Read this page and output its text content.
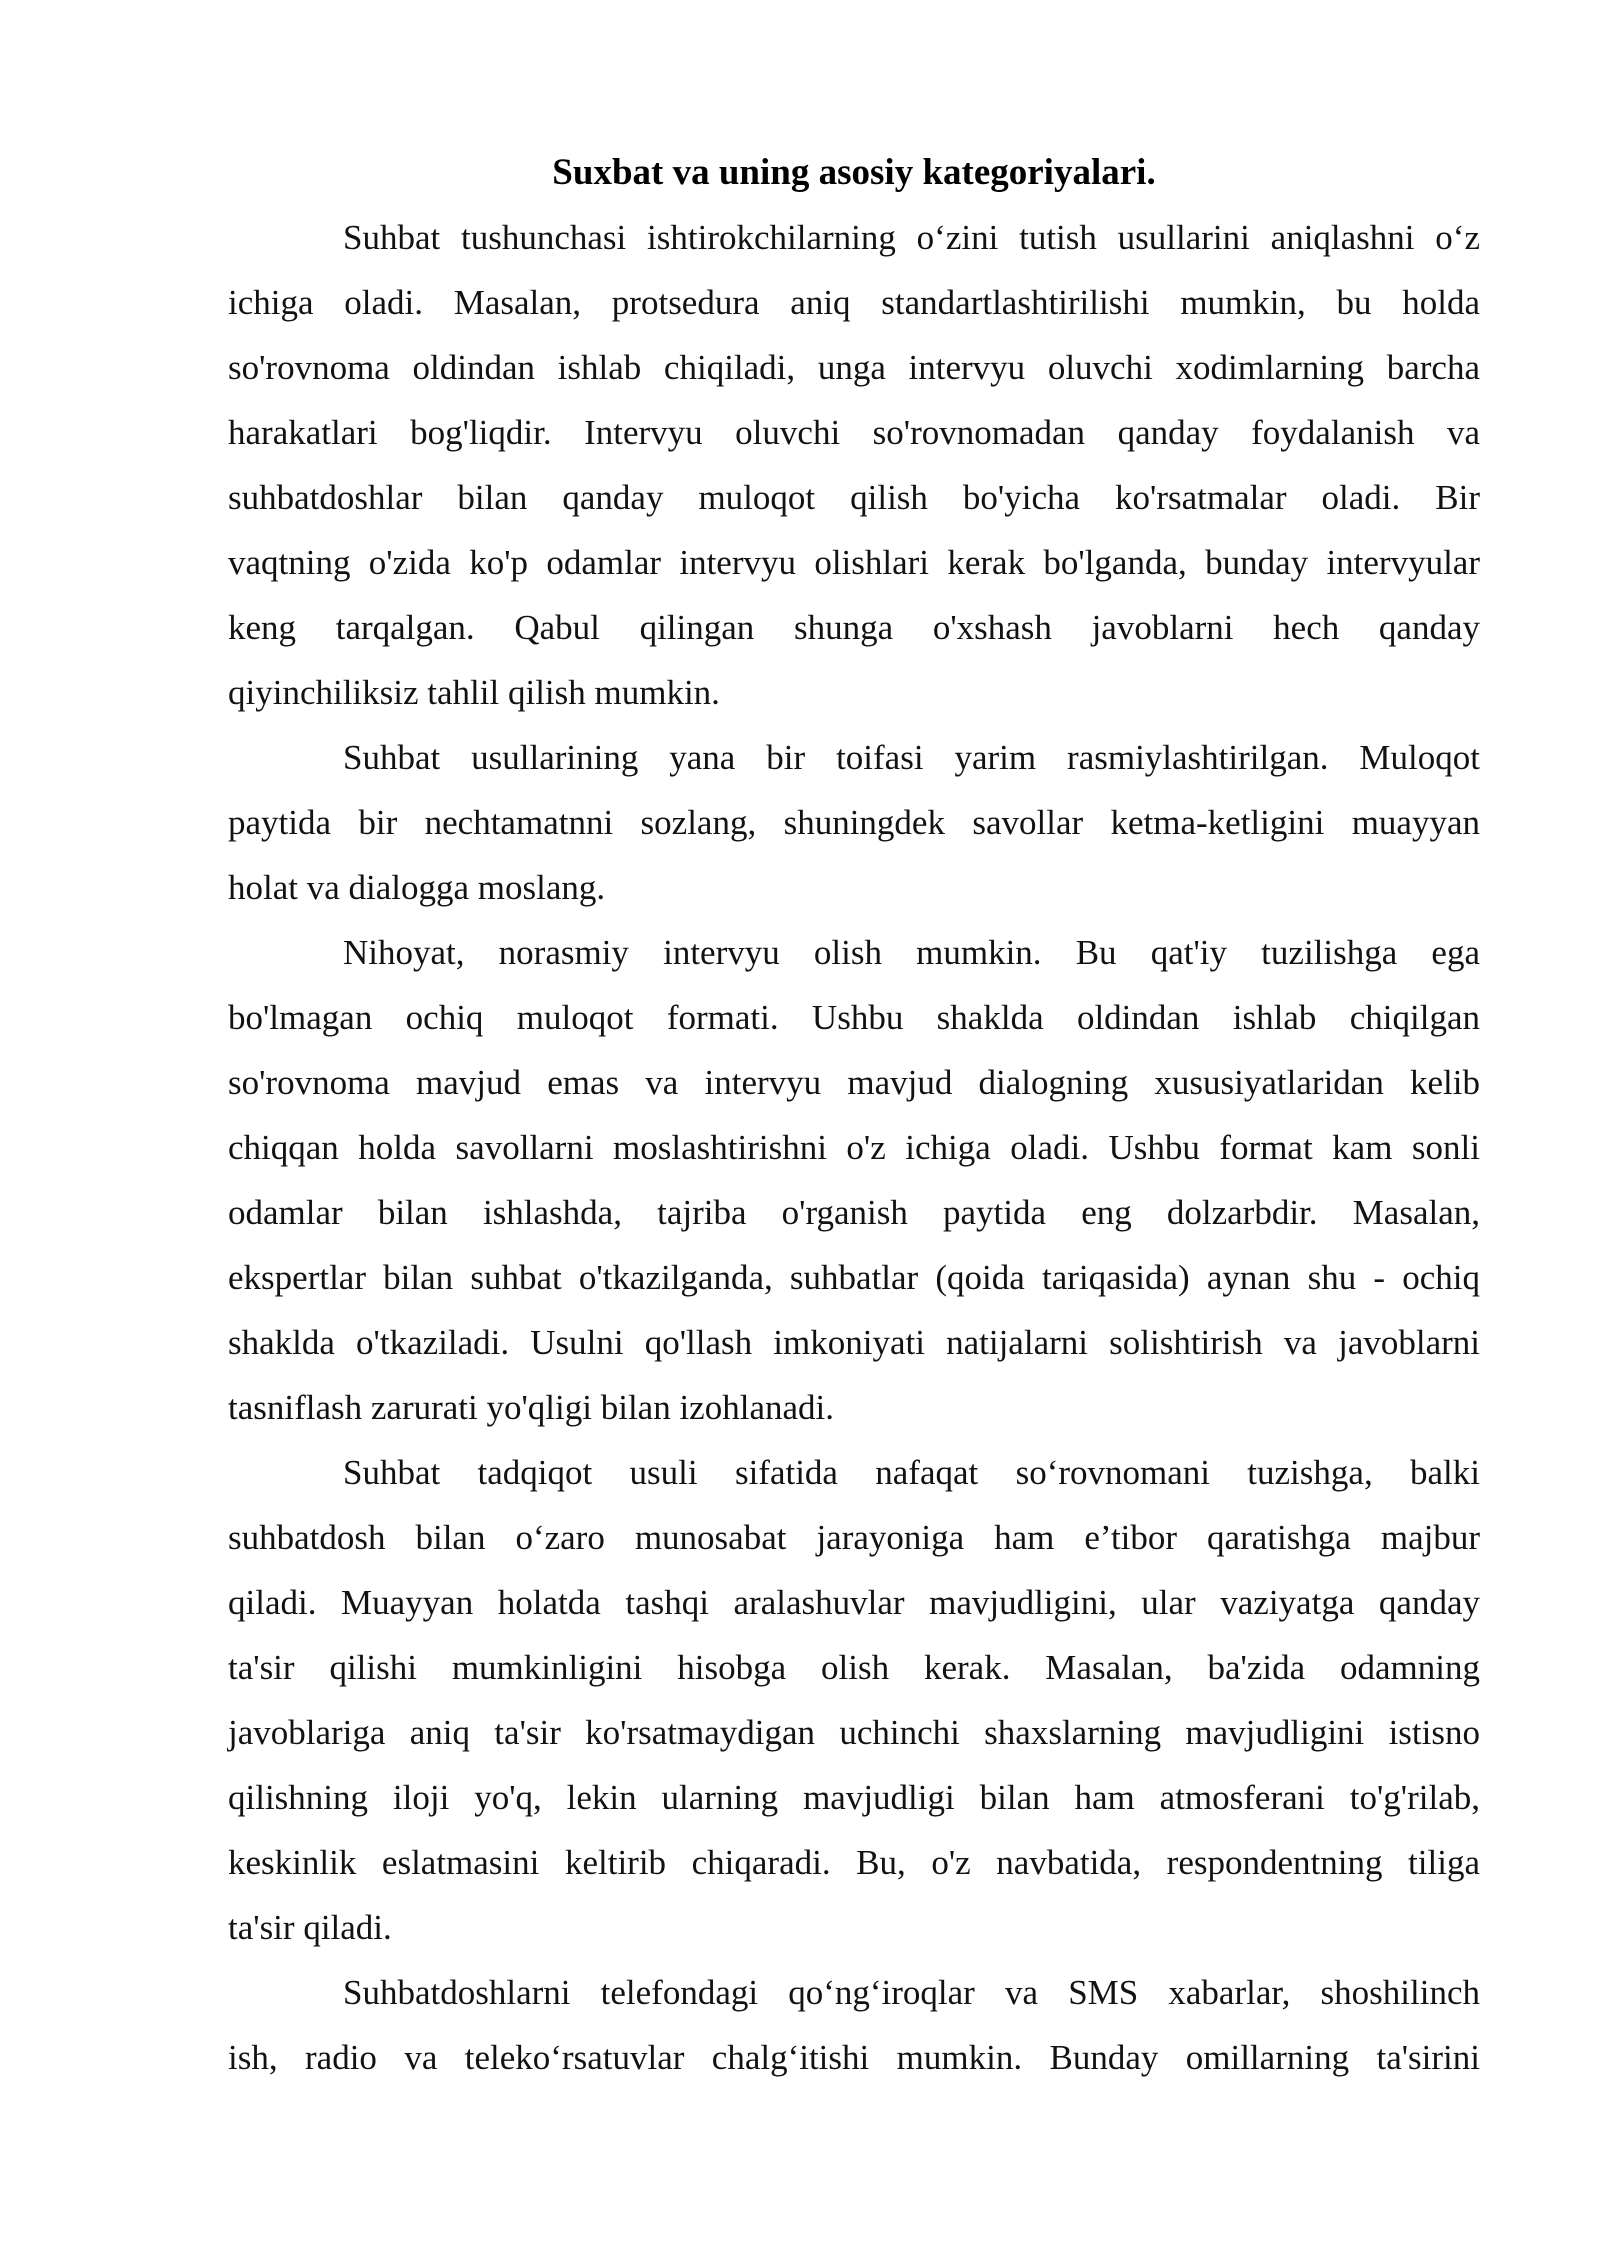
Suxbat va uning asosiy kategoriyalari.
Suhbat tushunchasi ishtirokchilarning oʻzini tutish usullarini aniqlashni oʻz
ichiga oladi. Masalan, protsedura aniq standartlashtirilishi mumkin, bu holda
so'rovnoma oldindan ishlab chiqiladi, unga intervyu oluvchi xodimlarning barcha
harakatlari bog'liqdir. Intervyu oluvchi so'rovnomadan qanday foydalanish va
suhbatdoshlar bilan qanday muloqot qilish bo'yicha ko'rsatmalar oladi. Bir
vaqtning o'zida ko'p odamlar intervyu olishlari kerak bo'lganda, bunday intervyular
keng tarqalgan. Qabul qilingan shunga o'xshash javoblarni hech qanday
qiyinchiliksiz tahlil qilish mumkin.
Suhbat usullarining yana bir toifasi yarim rasmiylashtirilgan. Muloqot
paytida bir nechtamatnni sozlang, shuningdek savollar ketma-ketligini muayyan
holat va dialogga moslang.
Nihoyat, norasmiy intervyu olish mumkin. Bu qat'iy tuzilishga ega
bo'lmagan ochiq muloqot formati. Ushbu shaklda oldindan ishlab chiqilgan
so'rovnoma mavjud emas va intervyu mavjud dialogning xususiyatlaridan kelib
chiqqan holda savollarni moslashtirishni o'z ichiga oladi. Ushbu format kam sonli
odamlar bilan ishlashda, tajriba o'rganish paytida eng dolzarbdir. Masalan,
ekspertlar bilan suhbat o'tkazilganda, suhbatlar (qoida tariqasida) aynan shu - ochiq
shaklda o'tkaziladi. Usulni qo'llash imkoniyati natijalarni solishtirish va javoblarni
tasniflash zarurati yo'qligi bilan izohlanadi.
Suhbat tadqiqot usuli sifatida nafaqat soʻrovnomani tuzishga, balki
suhbatdosh bilan oʻzaro munosabat jarayoniga ham e’tibor qaratishga majbur
qiladi. Muayyan holatda tashqi aralashuvlar mavjudligini, ular vaziyatga qanday
ta'sir qilishi mumkinligini hisobga olish kerak. Masalan, ba'zida odamning
javoblariga aniq ta'sir ko'rsatmaydigan uchinchi shaxslarning mavjudligini istisno
qilishning iloji yo'q, lekin ularning mavjudligi bilan ham atmosferani to'g'rilab,
keskinlik eslatmasini keltirib chiqaradi. Bu, o'z navbatida, respondentning tiliga
ta'sir qiladi.
Suhbatdoshlarni telefondagi qoʻngʻiroqlar va SMS xabarlar, shoshilinch
ish, radio va telekoʻrsatuvlar chalgʻitishi mumkin. Bunday omillarning ta'sirini
